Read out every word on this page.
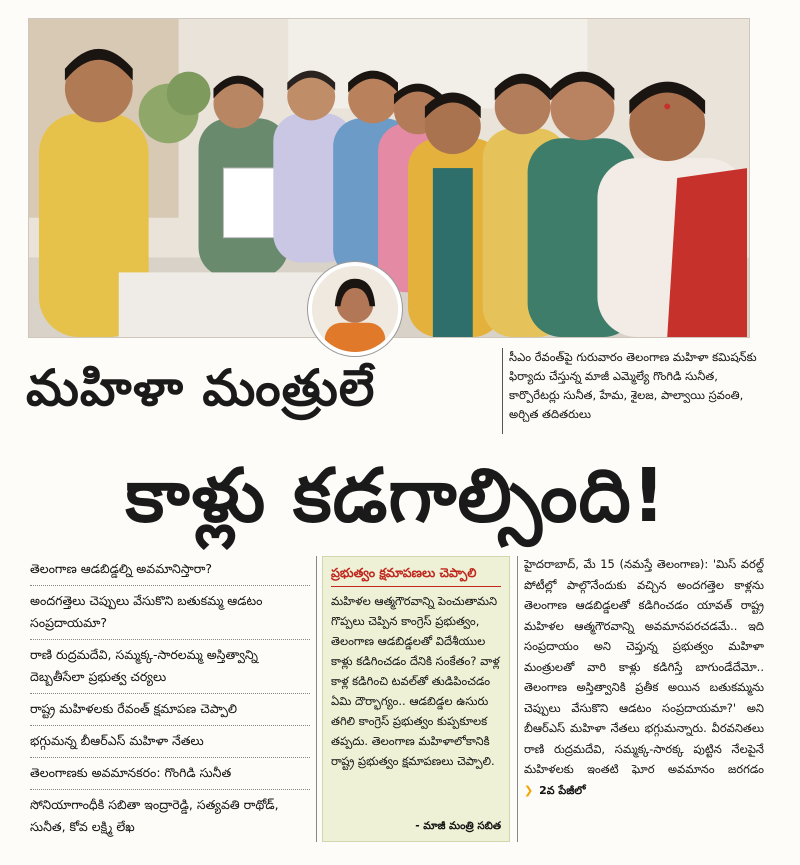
మహిళా మంత్రులే
కాళ్లు కడగాల్సింది!
సీఎం రేవంత్‌పై గురువారం తెలంగాణ మహిళా కమిషన్‌కు ఫిర్యాదు చేస్తున్న మాజీ ఎమ్మెల్యే గొంగిడి సునీత, కార్పొరేటర్లు సునీత, హేమ, శైలజ, పాల్వాయి స్రవంతి, అర్చిత తదితరులు
తెలంగాణ ఆడబిడ్డల్ని అవమానిస్తారా?
అందగత్తెలు చెప్పులు వేసుకొని బతుకమ్మ ఆడటం సంప్రదాయమా?
రాణి రుద్రమదేవి, సమ్మక్క-సారలమ్మ అస్తిత్వాన్ని దెబ్బతీసేలా ప్రభుత్వ చర్యలు
రాష్ట్ర మహిళలకు రేవంత్ క్షమాపణ చెప్పాలి
భగ్గుమన్న బీఆర్‌ఎస్ మహిళా నేతలు
తెలంగాణకు అవమానకరం: గొంగిడి సునీత
సోనియాగాంధీకి సబితా ఇంద్రారెడ్డి, సత్యవతి రాథోడ్, సునీత, కోవ లక్ష్మి లేఖ
ప్రభుత్వం క్షమాపణలు చెప్పాలి
మహిళల ఆత్మగౌరవాన్ని పెంచుతామని గొప్పలు చెప్పిన కాంగ్రెస్ ప్రభుత్వం, తెలంగాణ ఆడబిడ్డలతో విదేశీయుల కాళ్లు కడిగించడం దేనికి సంకేతం? వాళ్ల కాళ్ల కడిగించి టవల్‌తో తుడిపించడం ఏమి దౌర్భాగ్యం.. ఆడబిడ్డల ఉసురు తగిలి కాంగ్రెస్ ప్రభుత్వం కుప్పకూలక తప్పదు. తెలంగాణ మహిళాలోకానికి రాష్ట్ర ప్రభుత్వం క్షమాపణలు చెప్పాలి.
- మాజీ మంత్రి సబిత
హైదరాబాద్, మే 15 (నమస్తే తెలంగాణ): 'మిస్ వరల్డ్ పోటీల్లో పాల్గొనేందుకు వచ్చిన అందగత్తెల కాళ్లను తెలంగాణ ఆడబిడ్డలతో కడిగించడం యావత్ రాష్ట్ర మహిళల ఆత్మగౌరవాన్ని అవమానపరచడమే.. ఇది సంప్రదాయం అని చెప్తున్న ప్రభుత్వం మహిళా మంత్రులతో వారి కాళ్లు కడిగిస్తే బాగుండేదేమో.. తెలంగాణ అస్తిత్వానికి ప్రతీక అయిన బతుకమ్మను చెప్పులు వేసుకొని ఆడటం సంప్రదాయమా?' అని బీఆర్‌ఎస్ మహిళా నేతలు భగ్గుమన్నారు. వీరవనితలు రాణి రుద్రమదేవి, సమ్మక్క-సారక్క పుట్టిన నేలపైనే మహిళలకు ఇంతటి ఘోర అవమానం జరగడం ❯ 2వ పేజీలో
